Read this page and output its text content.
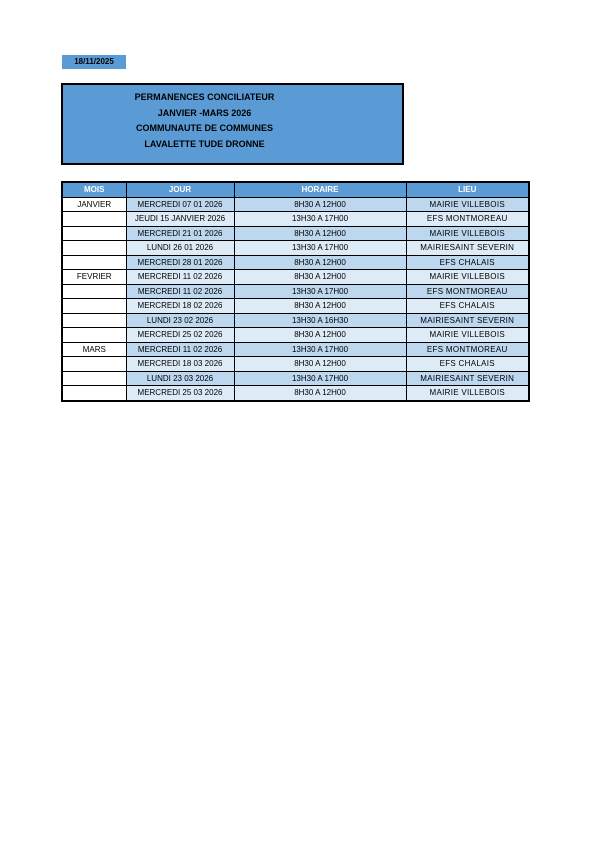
18/11/2025
PERMANENCES CONCILIATEUR
JANVIER -MARS 2026
COMMUNAUTE DE COMMUNES
LAVALETTE TUDE DRONNE
MOIS	JOUR	HORAIRE	LIEU
JANVIER	MERCREDI 07 01 2026	8H30 A 12H00	MAIRIE VILLEBOIS
	JEUDI 15 JANVIER 2026	13H30 A 17H00	EFS MONTMOREAU
	MERCREDI 21 01 2026	8H30 A 12H00	MAIRIE VILLEBOIS
	LUNDI 26 01 2026	13H30 A 17H00	MAIRIESAINT SEVERIN
	MERCREDI 28 01 2026	8H30 A 12H00	EFS CHALAIS
FEVRIER	MERCREDI 11 02 2026	8H30 A 12H00	MAIRIE VILLEBOIS
	MERCREDI 11 02 2026	13H30 A 17H00	EFS MONTMOREAU
	MERCREDI 18 02 2026	8H30 A 12H00	EFS CHALAIS
	LUNDI 23 02 2026	13H30 A 16H30	MAIRIESAINT SEVERIN
	MERCREDI 25 02 2026	8H30 A 12H00	MAIRIE VILLEBOIS
MARS	MERCREDI 11 02 2026	13H30 A 17H00	EFS MONTMOREAU
	MERCREDI 18 03 2026	8H30 A 12H00	EFS CHALAIS
	LUNDI 23 03 2026	13H30 A 17H00	MAIRIESAINT SEVERIN
	MERCREDI 25 03 2026	8H30 A 12H00	MAIRIE VILLEBOIS
